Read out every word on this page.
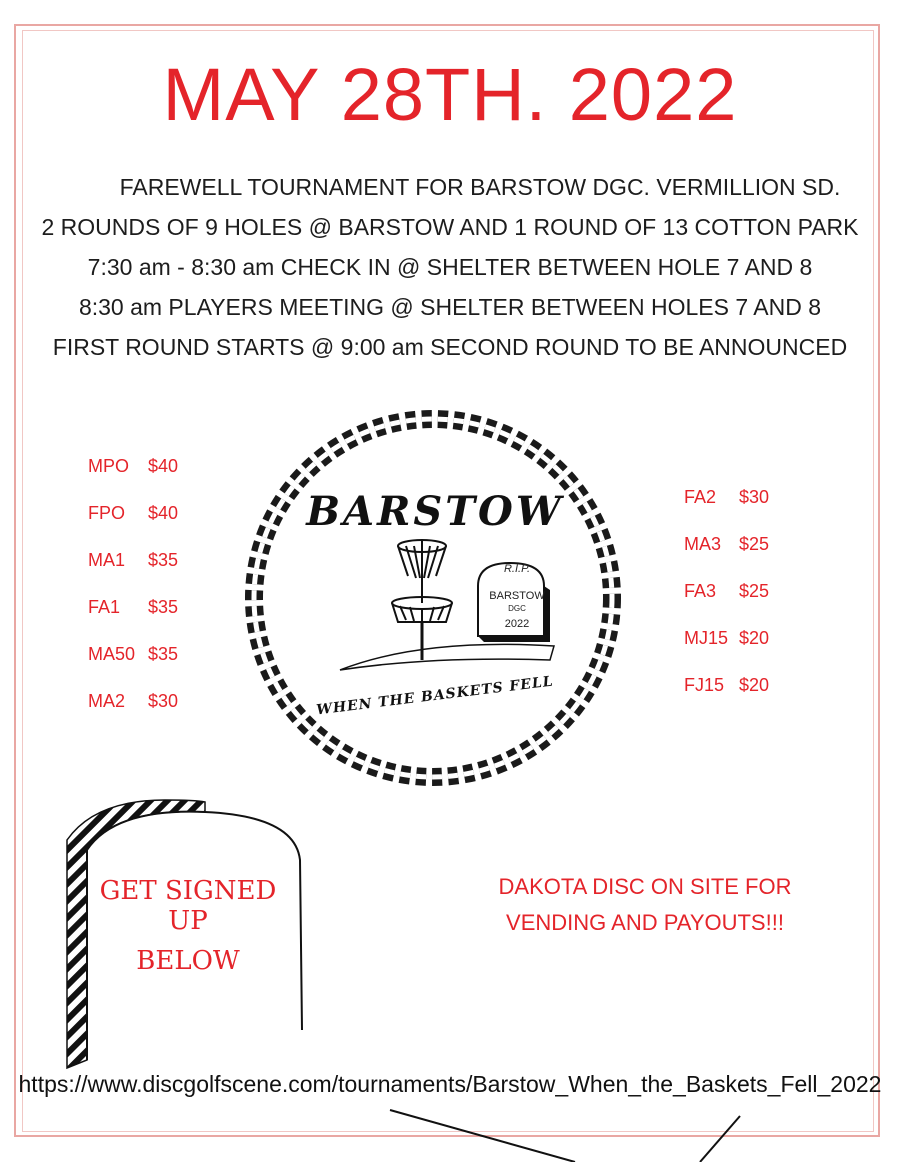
MAY 28TH. 2022
FAREWELL TOURNAMENT FOR BARSTOW DGC. VERMILLION SD.
2 ROUNDS OF 9 HOLES @ BARSTOW AND 1 ROUND OF 13 COTTON PARK
7:30 am - 8:30 am CHECK IN @ SHELTER BETWEEN HOLE 7 AND 8
8:30 am PLAYERS MEETING @ SHELTER BETWEEN HOLES 7 AND 8
FIRST ROUND STARTS @ 9:00 am SECOND ROUND TO BE ANNOUNCED
MPO	$40
FPO	$40
MA1	$35
FA1	$35
MA50 $35
MA2	$30
FA2	$30
MA3 $25
FA3	$25
MJ15 $20
FJ15 $20
BARSTOW
R.I.P.
BARSTOW
DGC
2022
WHEN THE BASKETS FELL
GET SIGNED UP
BELOW
DAKOTA DISC ON SITE FOR
VENDING AND PAYOUTS!!!
https://www.discgolfscene.com/tournaments/Barstow_When_the_Baskets_Fell_2022
